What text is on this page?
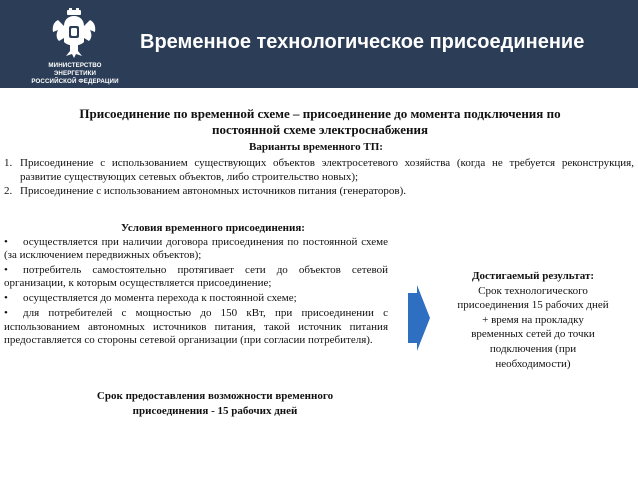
МИНИСТЕРСТВО ЭНЕРГЕТИКИ
РОССИЙСКОЙ ФЕДЕРАЦИИ
Временное технологическое присоединение
Присоединение по временной схеме – присоединение до момента подключения по
постоянной схеме электроснабжения
Варианты временного ТП:
1. Присоединение с использованием существующих объектов электросетевого хозяйства (когда не требуется реконструкция, развитие существующих сетевых объектов, либо строительство новых);
2. Присоединение с использованием автономных источников питания (генераторов).
Условия временного присоединения:
• осуществляется при наличии договора присоединения по постоянной схеме (за исключением передвижных объектов);
• потребитель самостоятельно протягивает сети до объектов сетевой организации, к которым осуществляется присоединение;
• осуществляется до момента перехода к постоянной схеме;
• для потребителей с мощностью до 150 кВт, при присоединении с использованием автономных источников питания, такой источник питания предоставляется со стороны сетевой организации (при согласии потребителя).
Достигаемый результат:
Срок технологического
присоединения 15 рабочих дней
+ время на прокладку
временных сетей до точки
подключения (при
необходимости)
Срок предоставления возможности временного
присоединения - 15 рабочих дней
